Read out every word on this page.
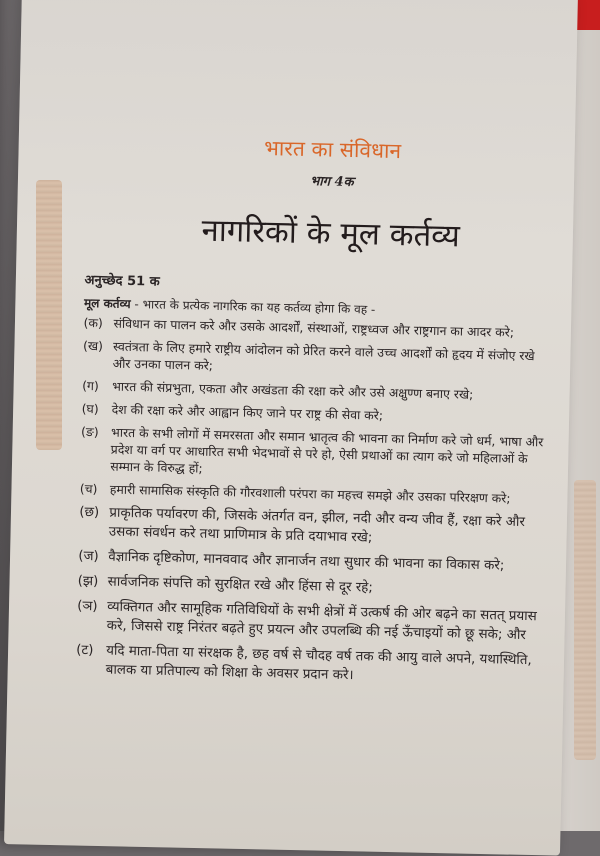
भारत का संविधान
भाग 4क
नागरिकों के मूल कर्तव्य
अनुच्छेद 51 क
मूल कर्तव्य - भारत के प्रत्येक नागरिक का यह कर्तव्य होगा कि वह -
(क) संविधान का पालन करे और उसके आदर्शों, संस्थाओं, राष्ट्रध्वज और राष्ट्रगान का आदर करे;
(ख) स्वतंत्रता के लिए हमारे राष्ट्रीय आंदोलन को प्रेरित करने वाले उच्च आदर्शों को हृदय में संजोए रखे और उनका पालन करे;
(ग)	भारत की संप्रभुता, एकता और अखंडता की रक्षा करे और उसे अक्षुण्ण बनाए रखे;
(घ)	देश की रक्षा करे और आह्वान किए जाने पर राष्ट्र की सेवा करे;
(ङ) भारत के सभी लोगों में समरसता और समान भ्रातृत्व की भावना का निर्माण करे जो धर्म, भाषा और प्रदेश या वर्ग पर आधारित सभी भेदभावों से परे हो, ऐसी प्रथाओं का त्याग करे जो महिलाओं के सम्मान के विरुद्ध हों;
(च) हमारी सामासिक संस्कृति की गौरवशाली परंपरा का महत्त्व समझे और उसका परिरक्षण करे;
(छ) प्राकृतिक पर्यावरण की, जिसके अंतर्गत वन, झील, नदी और वन्य जीव हैं, रक्षा करे और उसका संवर्धन करे तथा प्राणिमात्र के प्रति दयाभाव रखे;
(ज) वैज्ञानिक दृष्टिकोण, मानववाद और ज्ञानार्जन तथा सुधार की भावना का विकास करे;
(झ) सार्वजनिक संपत्ति को सुरक्षित रखे और हिंसा से दूर रहे;
(ञ) व्यक्तिगत और सामूहिक गतिविधियों के सभी क्षेत्रों में उत्कर्ष की ओर बढ़ने का सतत् प्रयास करे, जिससे राष्ट्र निरंतर बढ़ते हुए प्रयत्न और उपलब्धि की नई ऊँचाइयों को छू सके; और
(ट) यदि माता-पिता या संरक्षक है, छह वर्ष से चौदह वर्ष तक की आयु वाले अपने, यथास्थिति, बालक या प्रतिपाल्य को शिक्षा के अवसर प्रदान करे।
